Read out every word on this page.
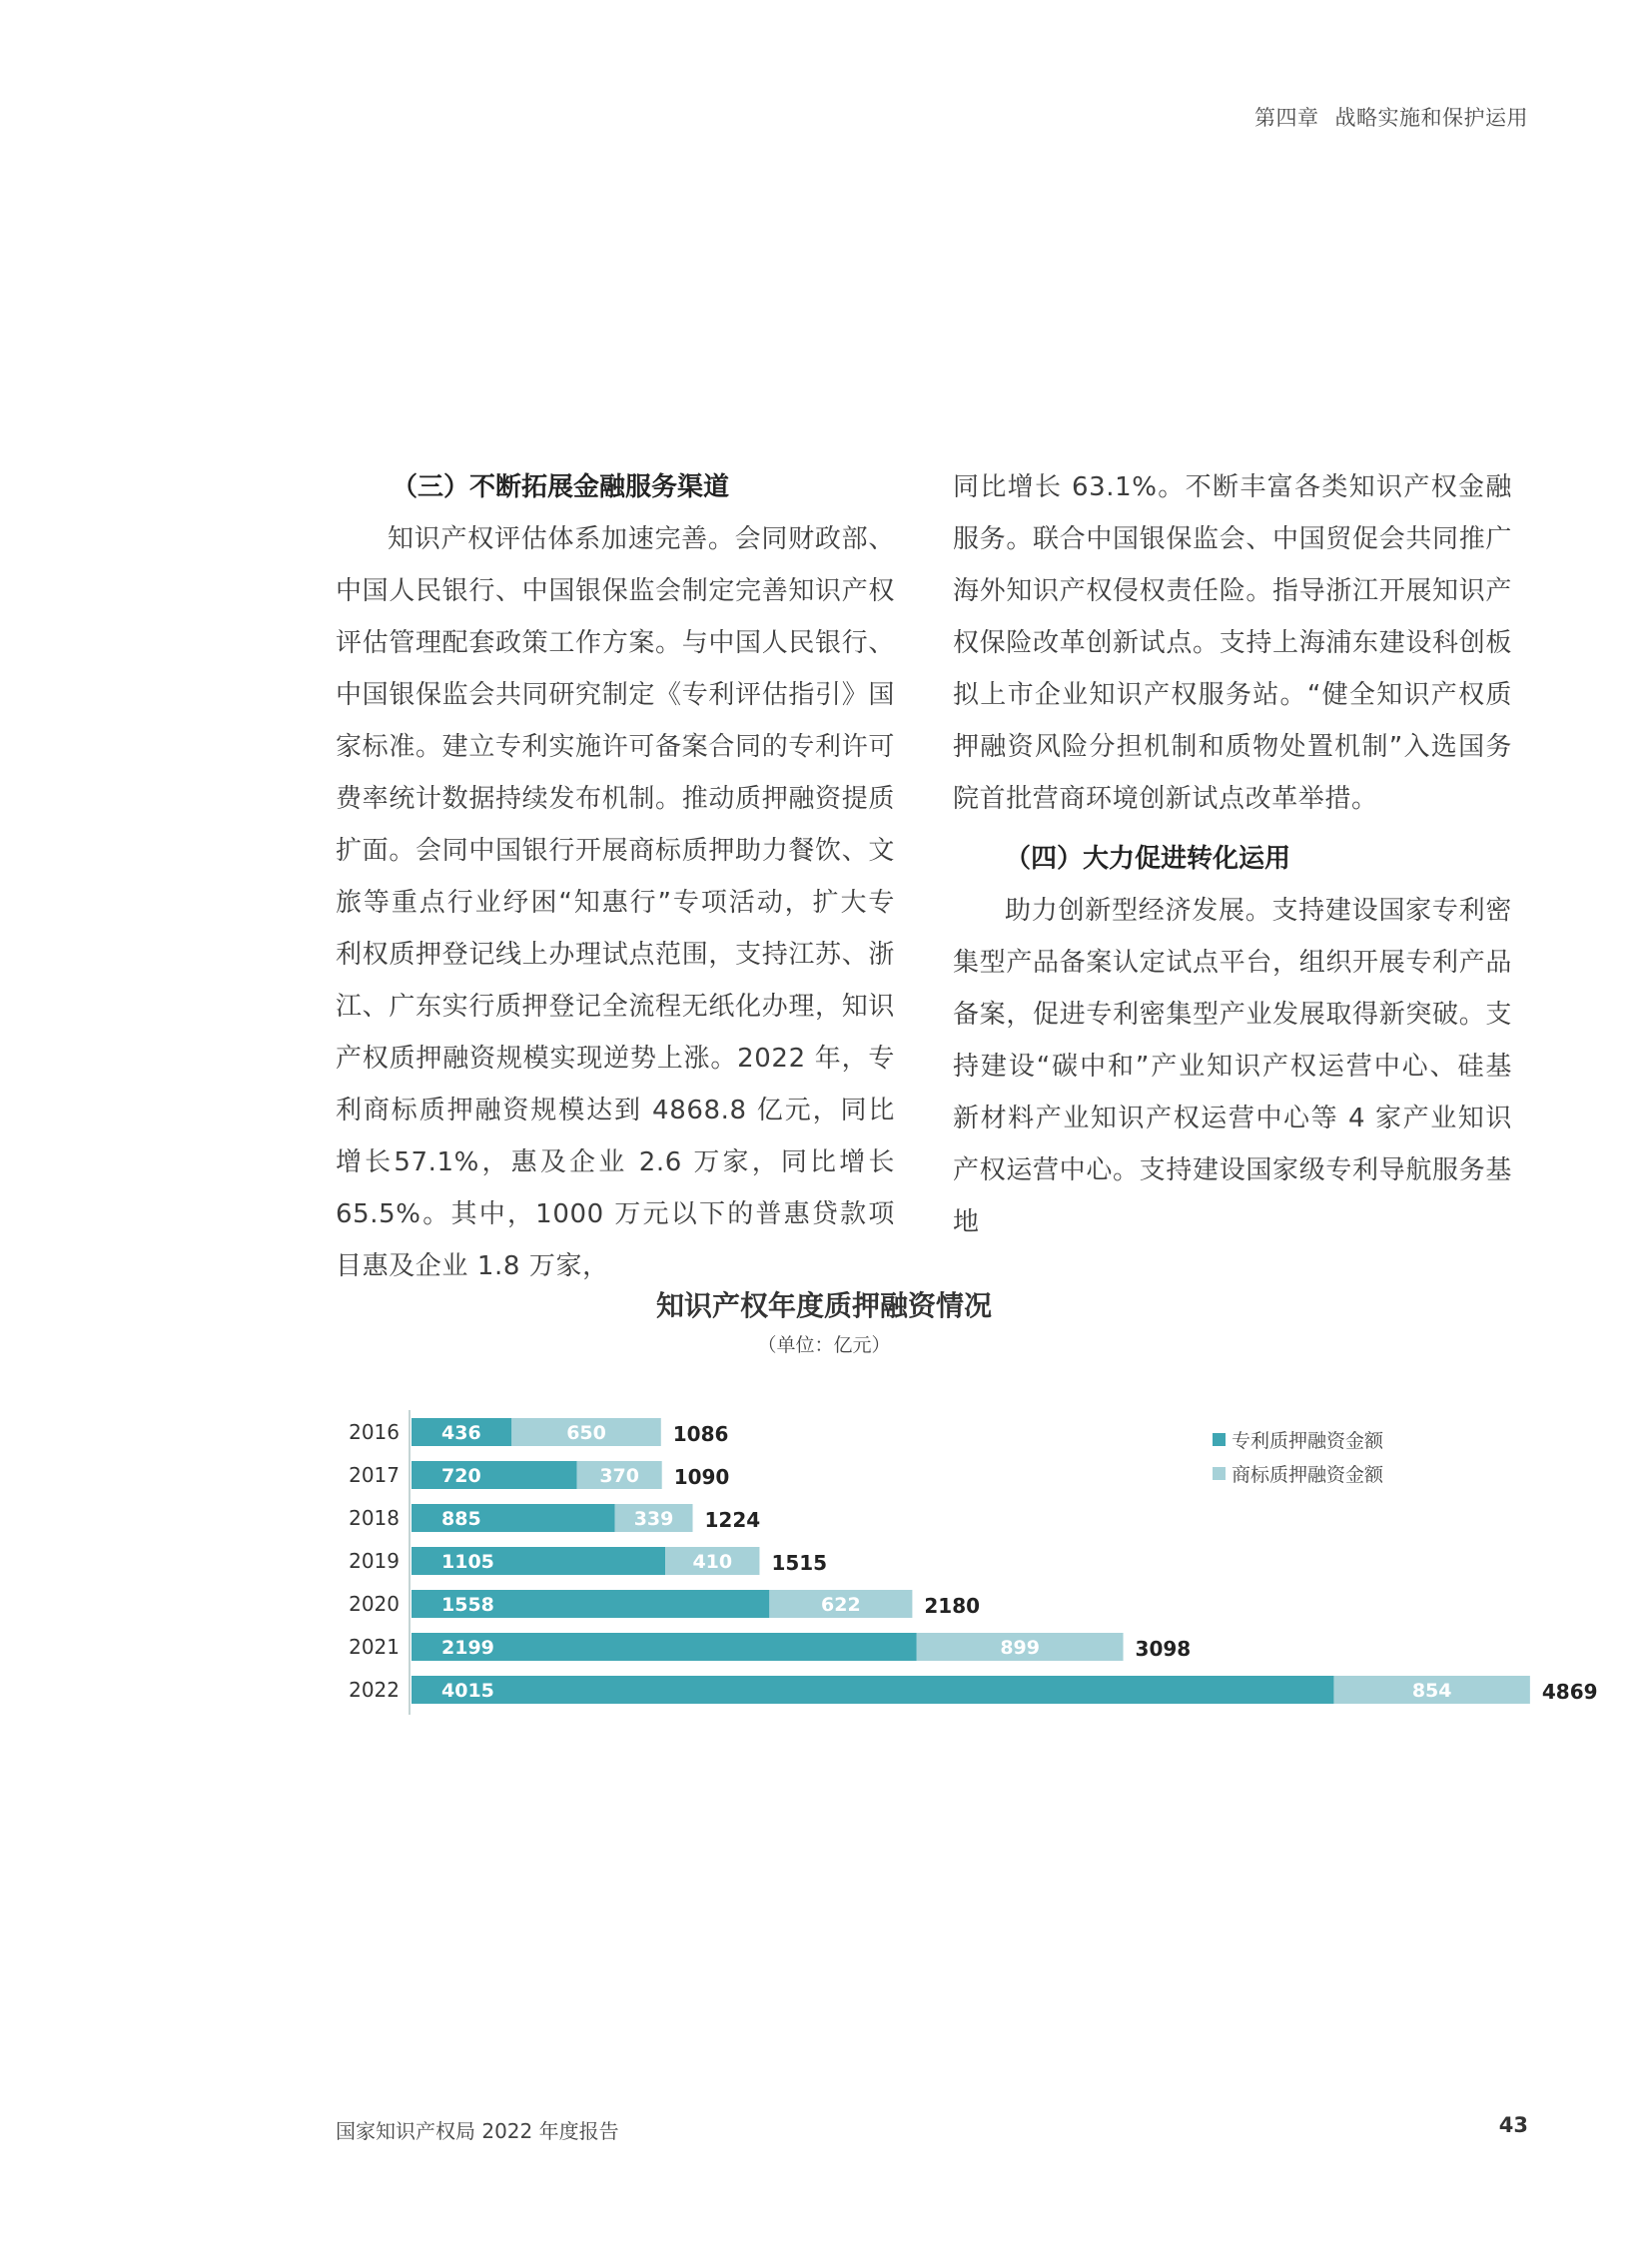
第四章 战略实施和保护运用
（三）不断拓展金融服务渠道

知识产权评估体系加速完善。会同财政部、中国人民银行、中国银保监会制定完善知识产权评估管理配套政策工作方案。与中国人民银行、中国银保监会共同研究制定《专利评估指引》国家标准。建立专利实施许可备案合同的专利许可费率统计数据持续发布机制。推动质押融资提质扩面。会同中国银行开展商标质押助力餐饮、文旅等重点行业纾困“知惠行”专项活动，扩大专利权质押登记线上办理试点范围，支持江苏、浙江、广东实行质押登记全流程无纸化办理，知识产权质押融资规模实现逆势上涨。2022 年，专利商标质押融资规模达到 4868.8 亿元，同比增长57.1%，惠及企业 2.6 万家，同比增长65.5%。其中，1000 万元以下的普惠贷款项目惠及企业 1.8 万家，

同比增长 63.1%。不断丰富各类知识产权金融服务。联合中国银保监会、中国贸促会共同推广海外知识产权侵权责任险。指导浙江开展知识产权保险改革创新试点。支持上海浦东建设科创板拟上市企业知识产权服务站。“健全知识产权质押融资风险分担机制和质物处置机制”入选国务院首批营商环境创新试点改革举措。

（四）大力促进转化运用

助力创新型经济发展。支持建设国家专利密集型产品备案认定试点平台，组织开展专利产品备案，促进专利密集型产业发展取得新突破。支持建设“碳中和”产业知识产权运营中心、硅基新材料产业知识产权运营中心等 4 家产业知识产权运营中心。支持建设国家级专利导航服务基地

知识产权年度质押融资情况
（单位：亿元）
2016 436	650	1086
2017 720	370 1090
2018 885	339 1224
2019 1105	410 1515
2020 1558	622	2180
2021 2199	899	3098
2022 4015	854	4869
专利质押融资金额
商标质押融资金额
国家知识产权局 2022 年度报告	43
